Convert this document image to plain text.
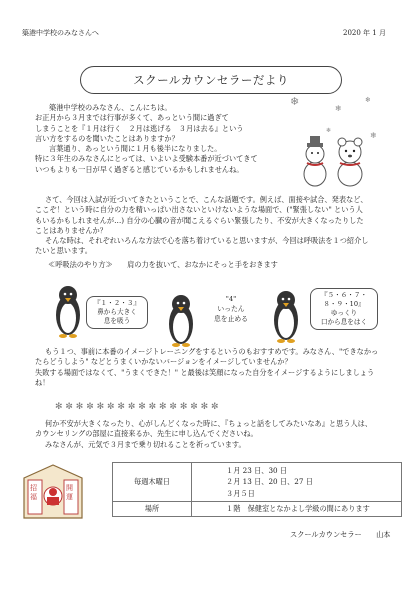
築港中学校のみなさんへ	2020 年 1 月
スクールカウンセラーだより
❄
❄
❄
❄
❄
築港中学校のみなさん、こんにちは。
お正月から３月までは行事が多くて、あっという間に過ぎて
しまうことを『１月は行く　２月は逃げる　３月は去る』という
言い方をするのを聞いたことはありますか？
言葉通り、あっという間に１月も後半になりました。
特に３年生のみなさんにとっては、いよいよ受験本番が近づいてきて
いつもよりも一日が早く過ぎると感じているかもしれませんね。
さて、今回は入試が近づいてきたということで、こんな話題です。例えば、面接や試合、発表など、
ここぞ！という時に自分の力を精いっぱい出さないといけないような場面で、("緊張しない" という人
もいるかもしれませんが…) 自分の心臓の音が聞こえるぐらい緊張したり、不安が大きくなったりした
ことはありませんか？
そんな時は、それぞれいろんな方法で心を落ち着けていると思いますが、今回は呼吸法を１つ紹介し
たいと思います。
≪呼吸法のやり方≫　　肩の力を抜いて、おなかにそっと手をおきます
『１・２・３』
鼻から大きく
息を吸う
"4"
いったん
息を止める
『５・６・７・
８・９・10』
ゆっくり
口から息をはく
もう１つ、事前に本番のイメージトレーニングをするというのもおすすめです。みなさん、"できなかっ
たらどうしよう" などとうまくいかないバージョンをイメージしていませんか？
失敗する場面ではなくて、"うまくできた！" と最後は笑顔になった自分をイメージするようにしましょう
ね！
✻ ✼ ✻ ✼ ✻ ✼ ✻ ✼ ✻ ✼ ✻ ✼ ✻ ✼ ✻ ✼
何か不安が大きくなったり、心がしんどくなった時に、『ちょっと話をしてみたいなあ』と思う人は、
カウンセリングの部屋に直接来るか、先生に申し込んでくださいね。
みなさんが、元気で３月まで乗り切れることを祈っています。
招福
開運
毎週木曜日	１月 23 日、30 日
２月 13 日、20 日、27 日
３月５日

場所	１階　保健室となかよし学級の間にあります
スクールカウンセラー　　山本
